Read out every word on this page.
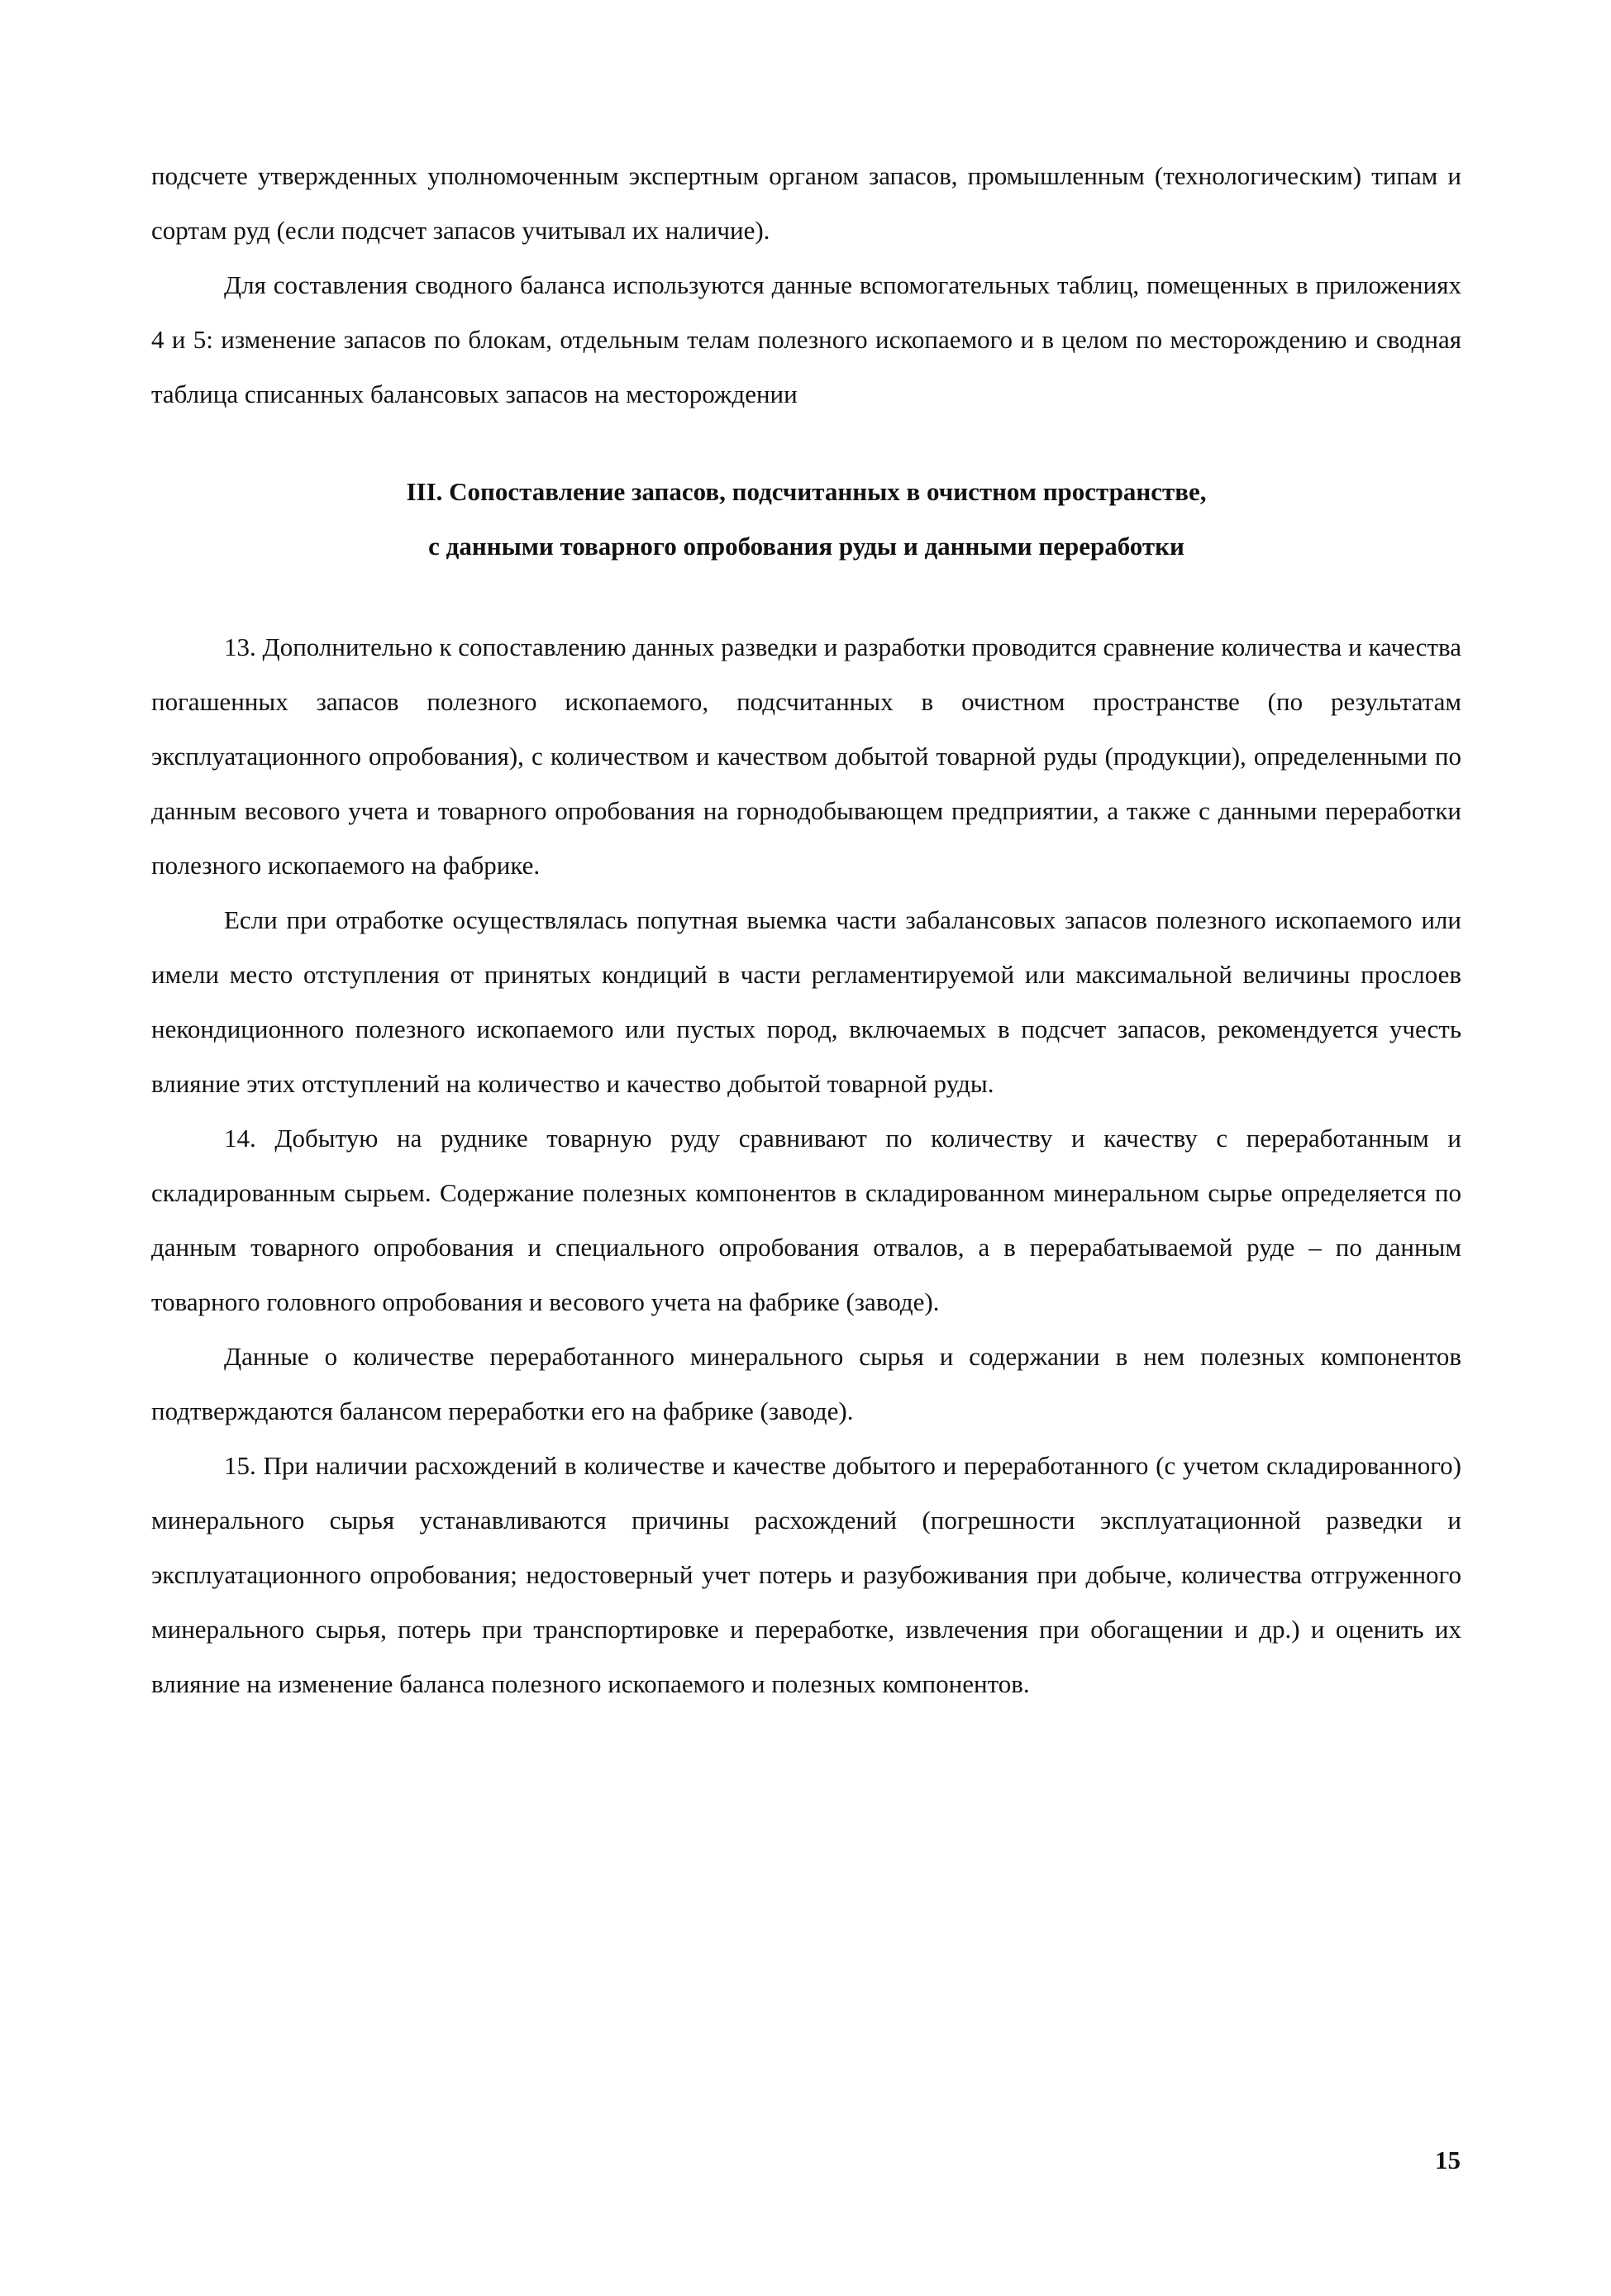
подсчете утвержденных уполномоченным экспертным органом запасов, промышленным (технологическим) типам и сортам руд (если подсчет запасов учитывал их наличие).

Для составления сводного баланса используются данные вспомогательных таблиц, помещенных в приложениях 4 и 5: изменение запасов по блокам, отдельным телам полезного ископаемого и в целом по месторождению и сводная таблица списанных балансовых запасов на месторождении

III. Сопоставление запасов, подсчитанных в очистном пространстве,
с данными товарного опробования руды и данными переработки

13. Дополнительно к сопоставлению данных разведки и разработки проводится сравнение количества и качества погашенных запасов полезного ископаемого, подсчитанных в очистном пространстве (по результатам эксплуатационного опробования), с количеством и качеством добытой товарной руды (продукции), определенными по данным весового учета и товарного опробования на горнодобывающем предприятии, а также с данными переработки полезного ископаемого на фабрике.

Если при отработке осуществлялась попутная выемка части забалансовых запасов полезного ископаемого или имели место отступления от принятых кондиций в части регламентируемой или максимальной величины прослоев некондиционного полезного ископаемого или пустых пород, включаемых в подсчет запасов, рекомендуется учесть влияние этих отступлений на количество и качество добытой товарной руды.

14. Добытую на руднике товарную руду сравнивают по количеству и качеству с переработанным и складированным сырьем. Содержание полезных компонентов в складированном минеральном сырье определяется по данным товарного опробования и специального опробования отвалов, а в перерабатываемой руде – по данным товарного головного опробования и весового учета на фабрике (заводе).

Данные о количестве переработанного минерального сырья и содержании в нем полезных компонентов подтверждаются балансом переработки его на фабрике (заводе).

15. При наличии расхождений в количестве и качестве добытого и переработанного (с учетом складированного) минерального сырья устанавливаются причины расхождений (погрешности эксплуатационной разведки и эксплуатационного опробования; недостоверный учет потерь и разубоживания при добыче, количества отгруженного минерального сырья, потерь при транспортировке и переработке, извлечения при обогащении и др.) и оценить их влияние на изменение баланса полезного ископаемого и полезных компонентов.

15
